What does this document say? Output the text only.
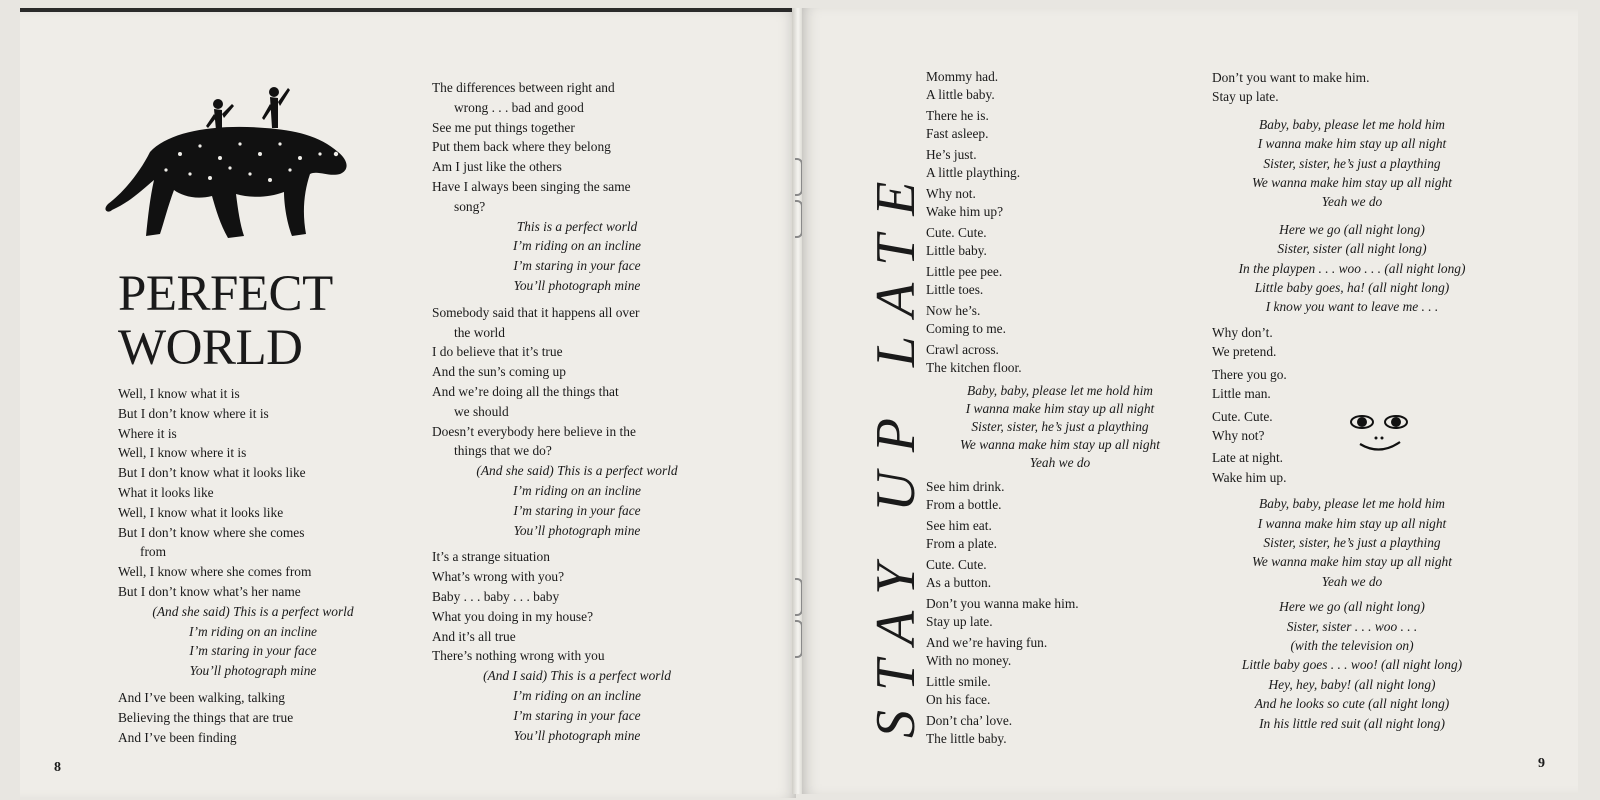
PERFECT
WORLD
Well, I know what it is
But I don’t know where it is
Where it is
Well, I know where it is
But I don’t know what it looks like
What it looks like
Well, I know what it looks like
But I don’t know where she comes
from
Well, I know where she comes from
But I don’t know what’s her name
(And she said) This is a perfect world
I’m riding on an incline
I’m staring in your face
You’ll photograph mine
And I’ve been walking, talking
Believing the things that are true
And I’ve been finding
The differences between right and
wrong . . . bad and good
See me put things together
Put them back where they belong
Am I just like the others
Have I always been singing the same
song?
This is a perfect world
I’m riding on an incline
I’m staring in your face
You’ll photograph mine
Somebody said that it happens all over
the world
I do believe that it’s true
And the sun’s coming up
And we’re doing all the things that
we should
Doesn’t everybody here believe in the
things that we do?
(And she said) This is a perfect world
I’m riding on an incline
I’m staring in your face
You’ll photograph mine
It’s a strange situation
What’s wrong with you?
Baby . . . baby . . . baby
What you doing in my house?
And it’s all true
There’s nothing wrong with you
(And I said) This is a perfect world
I’m riding on an incline
I’m staring in your face
You’ll photograph mine
8	9
STAY UP LATE
Mommy had.
A little baby.
There he is.
Fast asleep.
He’s just.
A little plaything.
Why not.
Wake him up?
Cute. Cute.
Little baby.
Little pee pee.
Little toes.
Now he’s.
Coming to me.
Crawl across.
The kitchen floor.
Baby, baby, please let me hold him
I wanna make him stay up all night
Sister, sister, he’s just a plaything
We wanna make him stay up all night
Yeah we do
See him drink.
From a bottle.
See him eat.
From a plate.
Cute. Cute.
As a button.
Don’t you wanna make him.
Stay up late.
And we’re having fun.
With no money.
Little smile.
On his face.
Don’t cha’ love.
The little baby.
Don’t you want to make him.
Stay up late.
Baby, baby, please let me hold him
I wanna make him stay up all night
Sister, sister, he’s just a plaything
We wanna make him stay up all night
Yeah we do
Here we go (all night long)
Sister, sister (all night long)
In the playpen . . . woo . . . (all night long)
Little baby goes, ha! (all night long)
I know you want to leave me . . .
Why don’t.
We pretend.
There you go.
Little man.
Cute. Cute.
Why not?
Late at night.
Wake him up.
Baby, baby, please let me hold him
I wanna make him stay up all night
Sister, sister, he’s just a plaything
We wanna make him stay up all night
Yeah we do
Here we go (all night long)
Sister, sister . . . woo . . .
(with the television on)
Little baby goes . . . woo! (all night long)
Hey, hey, baby! (all night long)
And he looks so cute (all night long)
In his little red suit (all night long)
